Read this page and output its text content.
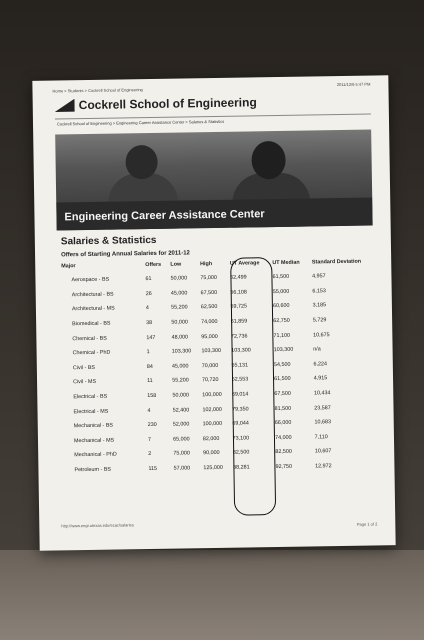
Home > Students > Cockrell School of Engineering
2011/12/6 5:47 PM
Cockrell School of Engineering
Cockrell School of Engineering > Engineering Career Assistance Center > Salaries & Statistics
Engineering Career Assistance Center
Salaries & Statistics
Offers of Starting Annual Salaries for 2011-12
Major	Offers	Low	High	UT Average	UT Median	Standard Deviation
Aerospace - BS	61	50,000	75,000	62,499	61,500	4,957
Architectural - BS	26	45,000	67,500	56,108	55,000	6,153
Architectural - MS	4	55,200	62,500	59,725	60,600	3,185
Biomedical - BS	38	50,000	74,000	61,859	62,750	5,729
Chemical - BS	147	48,000	95,000	72,736	71,100	10,675
Chemical - PhD	1	103,300	103,300	103,300	103,300	n/a
Civil - BS	84	45,000	70,000	55,131	54,500	6,224
Civil - MS	11	55,200	70,720	62,553	61,500	4,915
Electrical - BS	158	50,000	100,000	69,014	67,500	10,434
Electrical - MS	4	52,400	102,000	79,350	81,500	23,587
Mechanical - BS	230	52,000	100,000	69,044	66,000	10,683
Mechanical - MS	7	65,000	82,000	73,100	74,000	7,110
Mechanical - PhD	2	75,000	90,000	82,500	82,500	10,607
Petroleum - BS	115	57,000	125,000	88,281	92,750	12,972
http://www.engr.utexas.edu/ecac/salaries	Page 1 of 2
